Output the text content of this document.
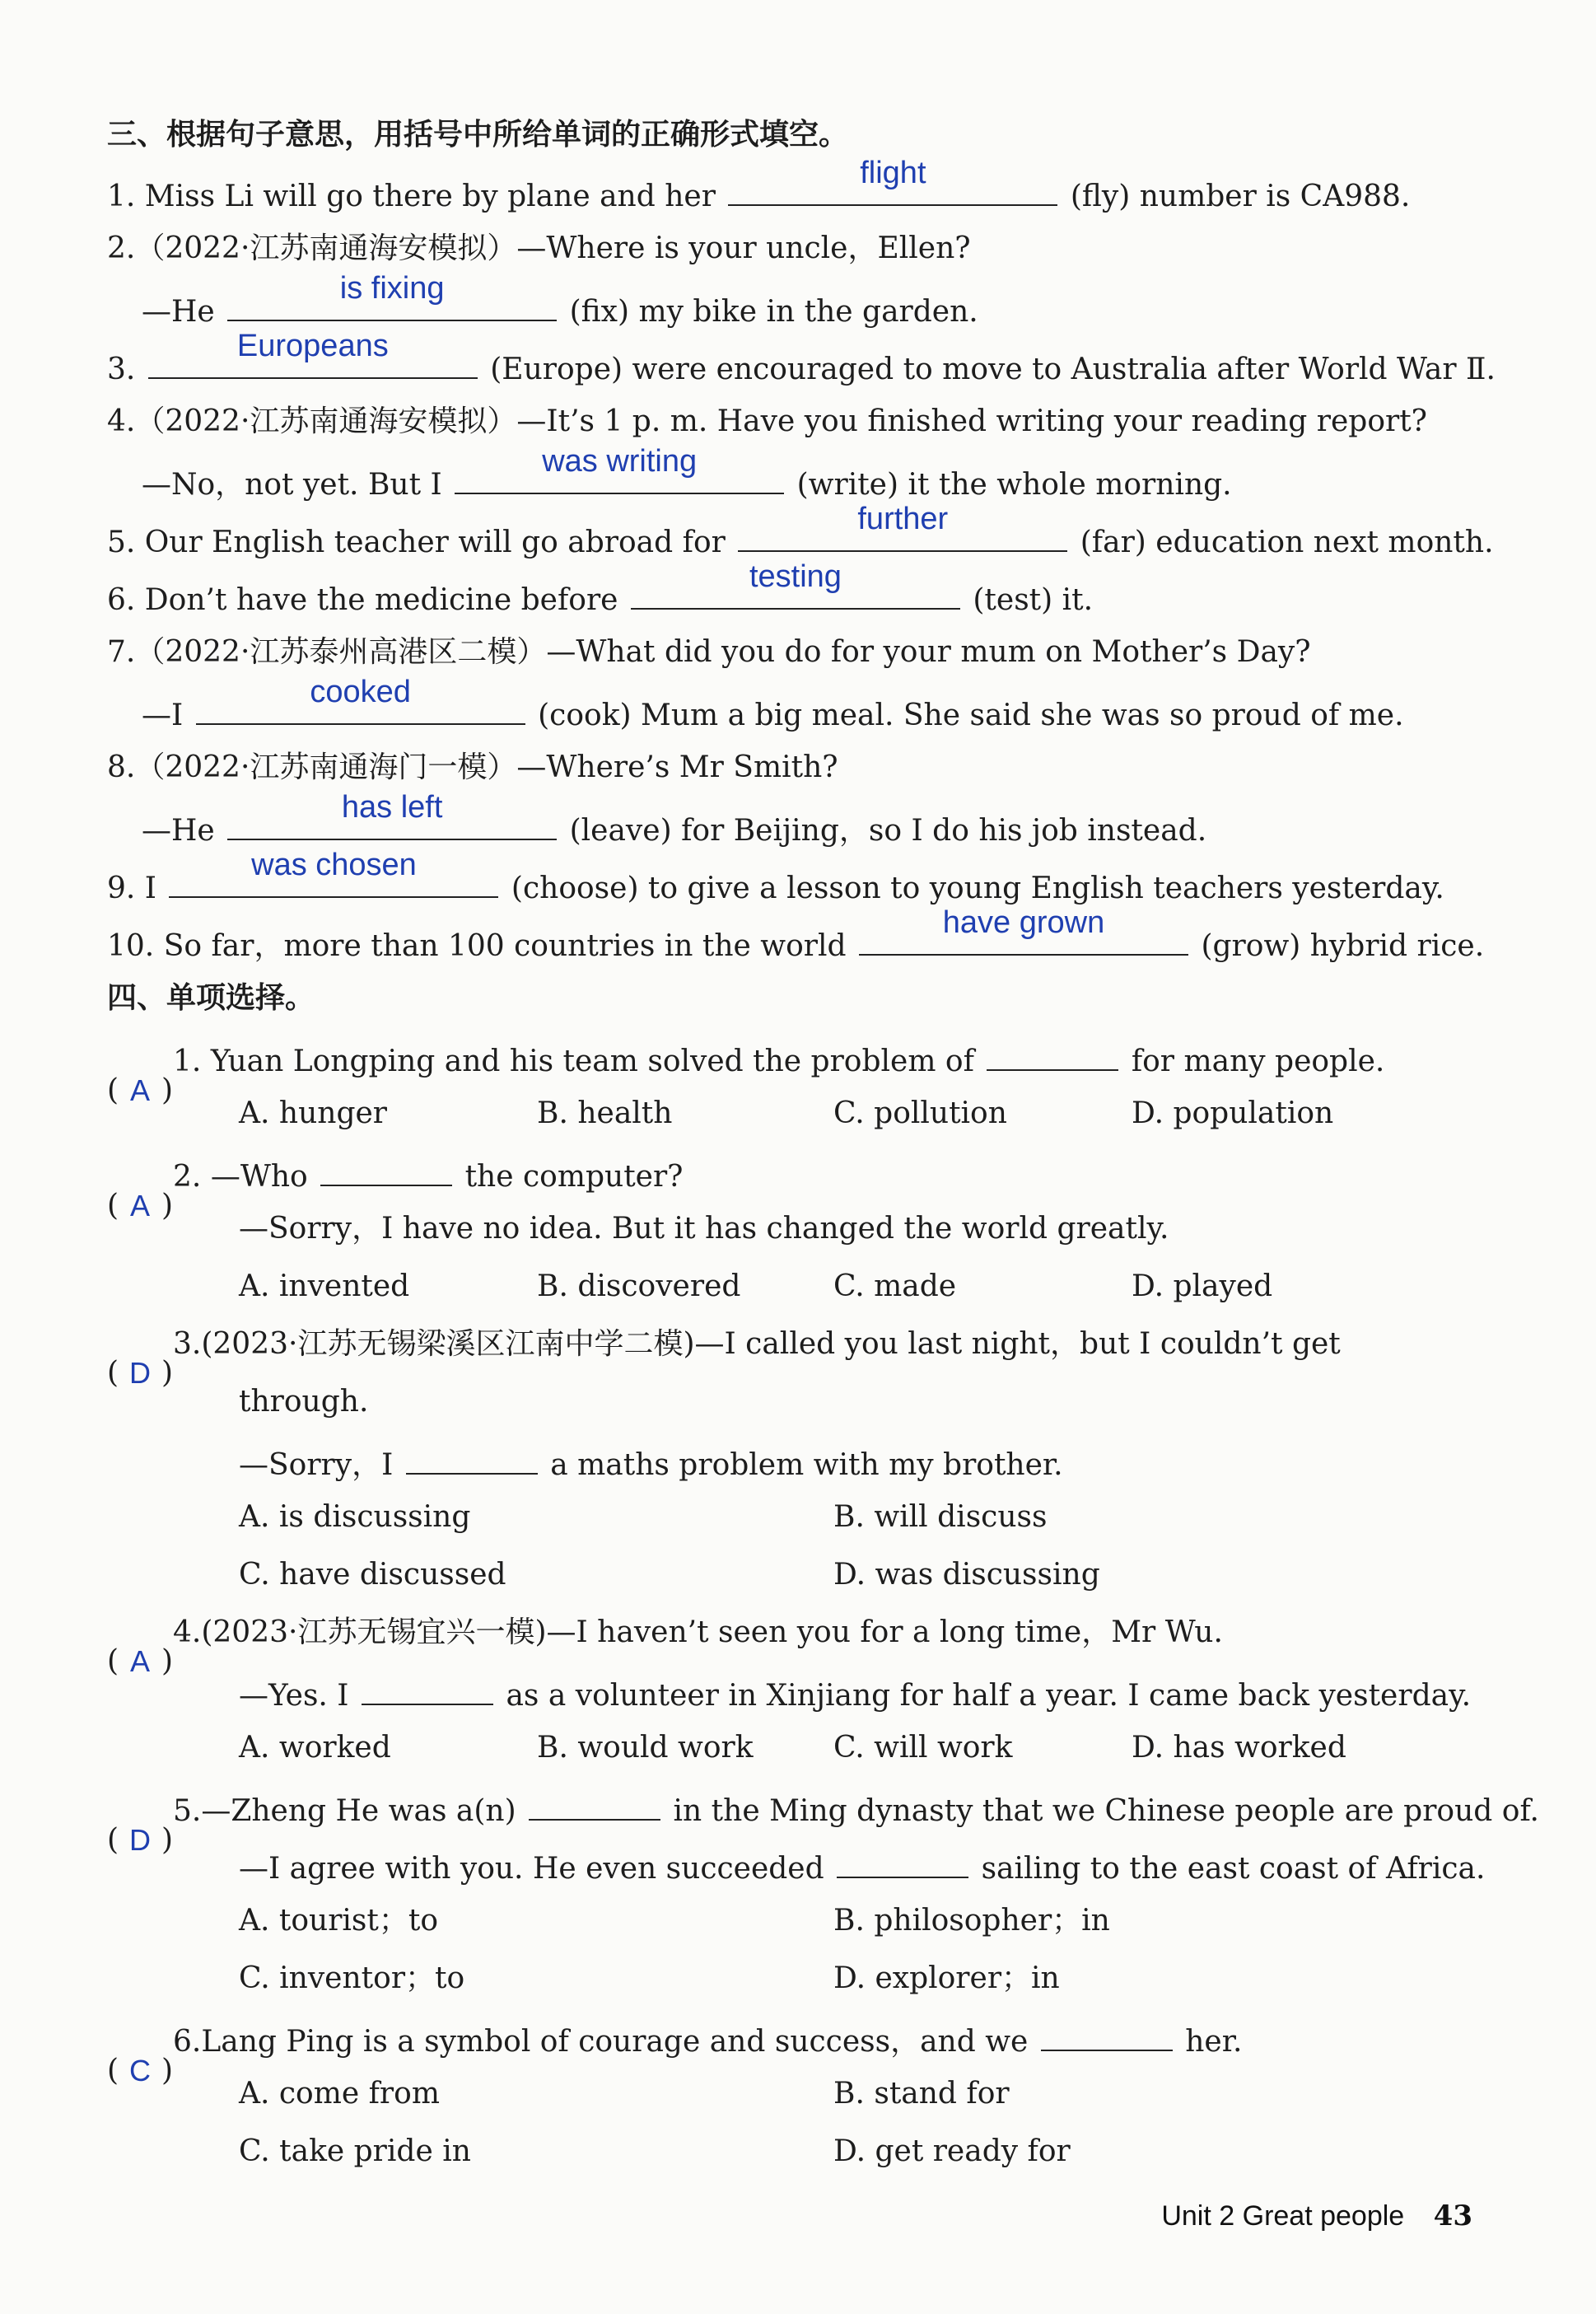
三、根据句子意思，用括号中所给单词的正确形式填空。
1. Miss Li will go there by plane and her
flight
(fly) number is CA988.
2.（2022·江苏南通海安模拟）—Where is your uncle，Ellen?
—He
is fixing
(fix) my bike in the garden.
3.
Europeans
(Europe) were encouraged to move to Australia after World War Ⅱ.
4.（2022·江苏南通海安模拟）—It’s 1 p. m. Have you finished writing your reading report?
—No，not yet. But I
was writing
(write) it the whole morning.
5. Our English teacher will go abroad for
further
(far) education next month.
6. Don’t have the medicine before
testing
(test) it.
7.（2022·江苏泰州高港区二模）—What did you do for your mum on Mother’s Day?
—I
cooked
(cook) Mum a big meal. She said she was so proud of me.
8.（2022·江苏南通海门一模）—Where’s Mr Smith?
—He
has left
(leave) for Beijing，so I do his job instead.
9. I
was chosen
(choose) to give a lesson to young English teachers yesterday.
10. So far，more than 100 countries in the world
have grown
(grow) hybrid rice.
四、单项选择。
( A )
1. Yuan Longping and his team solved the problem of	for many people.
A. hunger	B. health	C. pollution	D. population
( A )
2. —Who	the computer?
—Sorry，I have no idea. But it has changed the world greatly.
A. invented	B. discovered	C. made	D. played
( D )
3.(2023·江苏无锡梁溪区江南中学二模)—I called you last night，but I couldn’t get
through.
—Sorry，I	a maths problem with my brother.
A. is discussing	B. will discuss
C. have discussed	D. was discussing
( A )
4.(2023·江苏无锡宜兴一模)—I haven’t seen you for a long time，Mr Wu.
—Yes. I	as a volunteer in Xinjiang for half a year. I came back yesterday.
A. worked	B. would work	C. will work	D. has worked
( D )
5.—Zheng He was a(n)	in the Ming dynasty that we Chinese people are proud of.
—I agree with you. He even succeeded	sailing to the east coast of Africa.
A. tourist；to	B. philosopher；in
C. inventor；to	D. explorer；in
( C )
6.Lang Ping is a symbol of courage and success，and we	her.
A. come from	B. stand for
C. take pride in	D. get ready for
Unit 2 Great people 43
